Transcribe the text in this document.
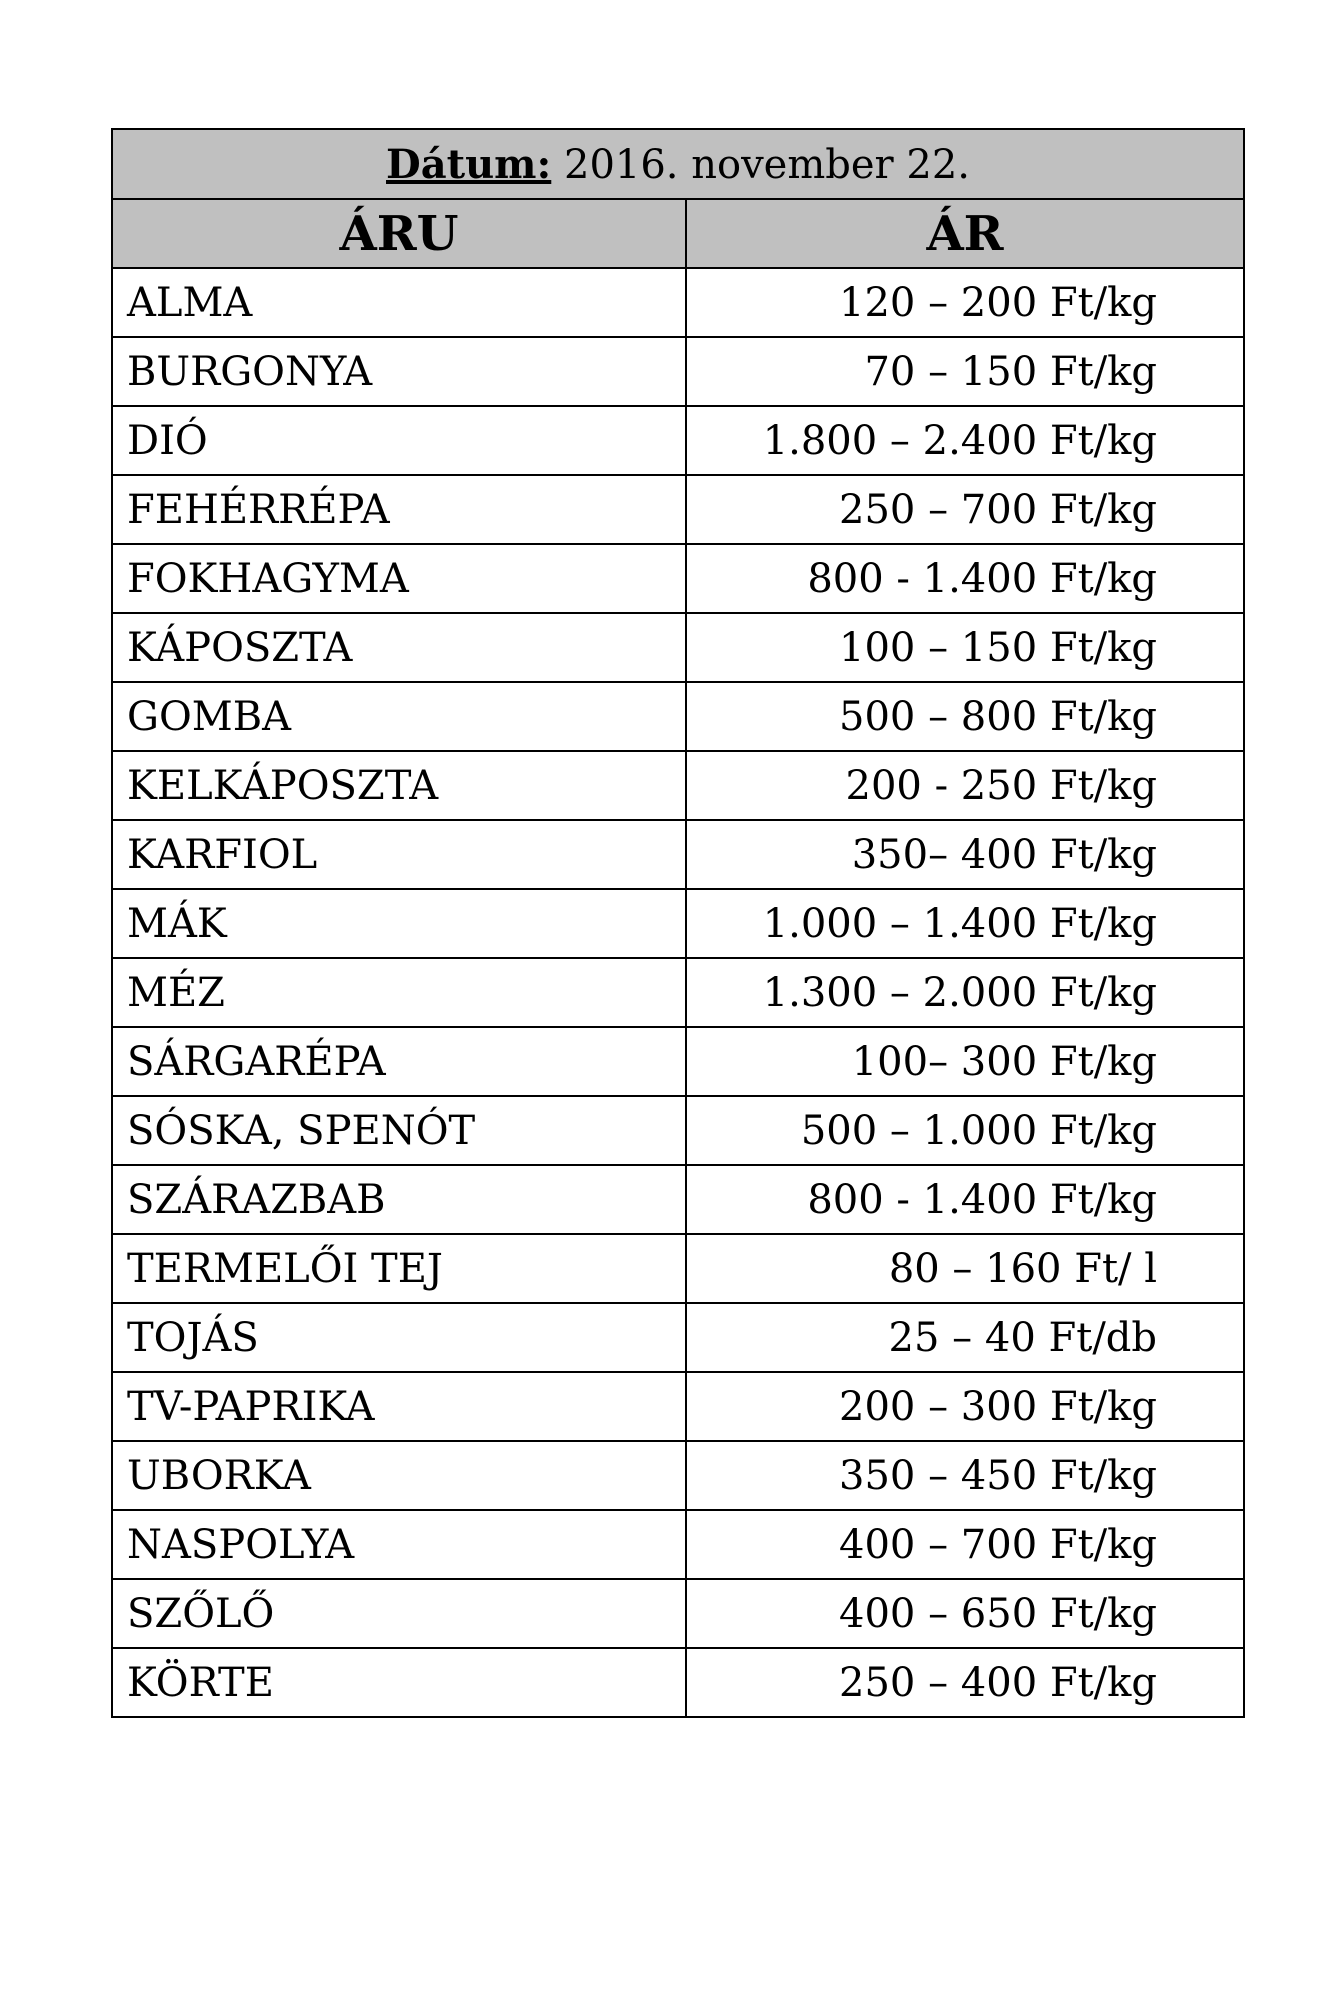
Dátum: 2016. november 22.	
ÁRU	ÁR
ALMA	120 – 200 Ft/kg
BURGONYA	70 – 150 Ft/kg
DIÓ	1.800 – 2.400 Ft/kg
FEHÉRRÉPA	250 – 700 Ft/kg
FOKHAGYMA	800 - 1.400 Ft/kg
KÁPOSZTA	100 – 150 Ft/kg
GOMBA	500 – 800 Ft/kg
KELKÁPOSZTA	200 - 250 Ft/kg
KARFIOL	350– 400 Ft/kg
MÁK	1.000 – 1.400 Ft/kg
MÉZ	1.300 – 2.000 Ft/kg
SÁRGARÉPA	100– 300 Ft/kg
SÓSKA, SPENÓT	500 – 1.000 Ft/kg
SZÁRAZBAB	800 - 1.400 Ft/kg
TERMELŐI TEJ	80 – 160 Ft/ l
TOJÁS	25 – 40 Ft/db
TV-PAPRIKA	200 – 300 Ft/kg
UBORKA	350 – 450 Ft/kg
NASPOLYA	400 – 700 Ft/kg
SZŐLŐ	400 – 650 Ft/kg
KÖRTE	250 – 400 Ft/kg
